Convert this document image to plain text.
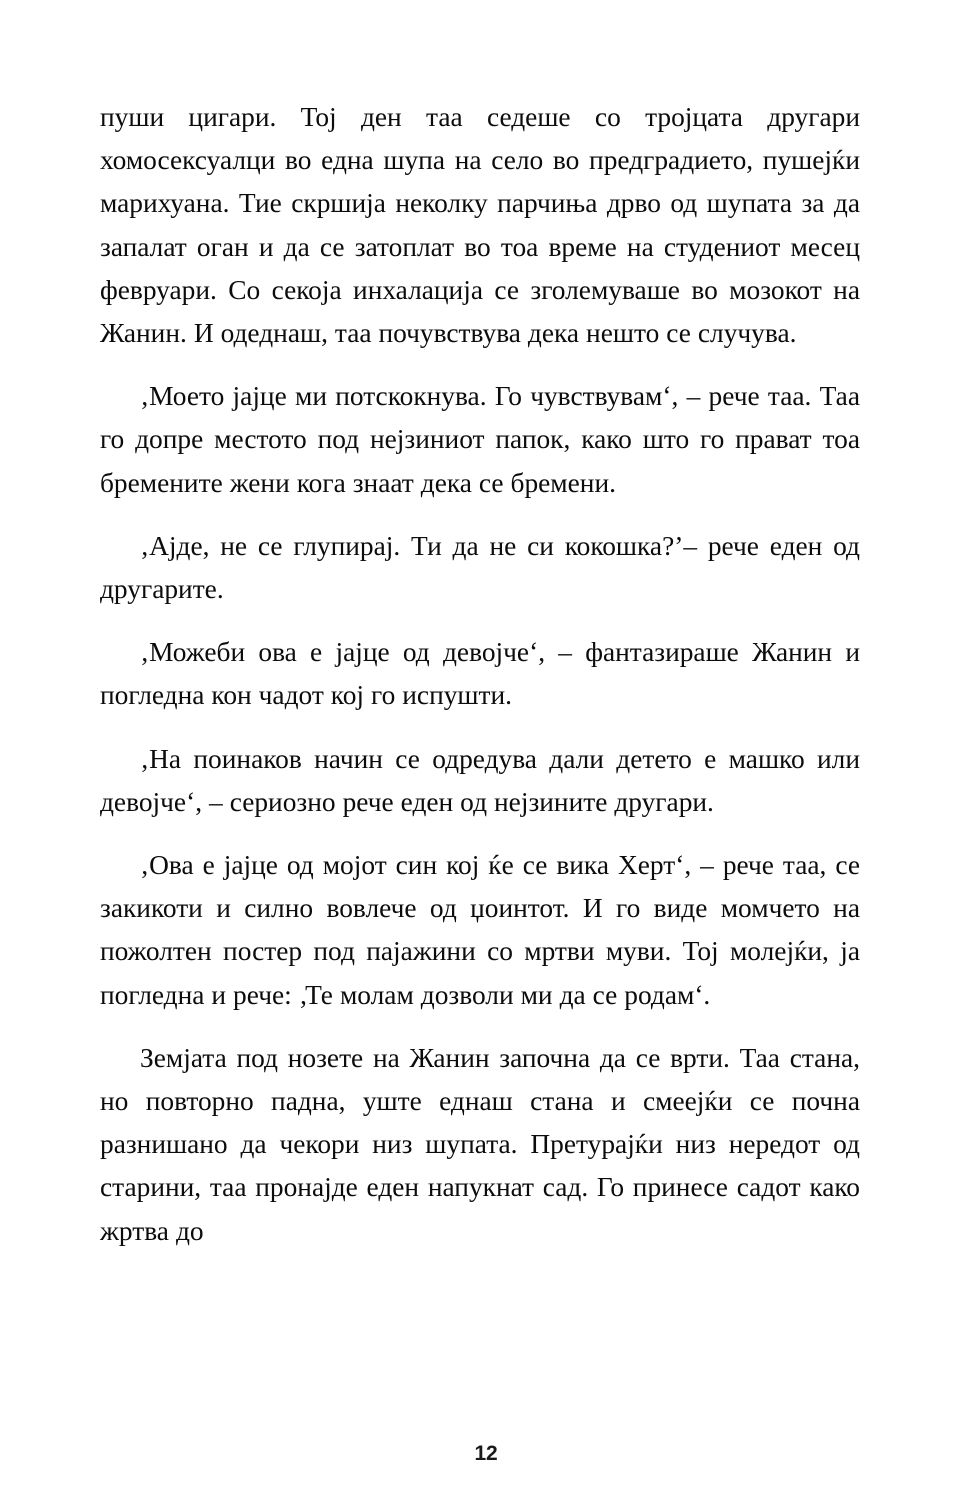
пуши цигари. Тој ден таа седеше со тројцата другари хомосексуалци во една шупа на село во предградието, пушејќи марихуана. Тие скршија неколку парчиња дрво од шупата за да запалат оган и да се затоплат во тоа време на студениот месец февруари. Со секоја инхалација се зголемуваше во мозокот на Жанин. И одеднаш, таа почувствува дека нешто се случува.

‚Моето јајце ми потскокнува. Го чувствувам‘, – рече таа. Таа го допре местото под нејзиниот папок, како што го прават тоа бремените жени кога знаат дека се бремени.

‚Ајде, не се глупирај. Ти да не си кокошка?’– рече еден од другарите.

‚Можеби ова е јајце од девојче‘, – фантазираше Жанин и погледна кон чадот кој го испушти.

‚На поинаков начин се одредува дали детето е машко или девојче‘, – сериозно рече еден од нејзините другари.

‚Ова е јајце од мојот син кој ќе се вика Херт‘, – рече таа, се закикоти и силно вовлече од џоинтот. И го виде момчето на пожолтен постер под пајажини со мртви муви. Тој молејќи, ја погледна и рече: ‚Те молам дозволи ми да се родам‘.

Земјата под нозете на Жанин започна да се врти. Таа стана, но повторно падна, уште еднаш стана и смеејќи се почна разнишано да чекори низ шупата. Претурајќи низ нередот од старини, таа пронајде еден напукнат сад. Го принесе садот како жртва до

12
